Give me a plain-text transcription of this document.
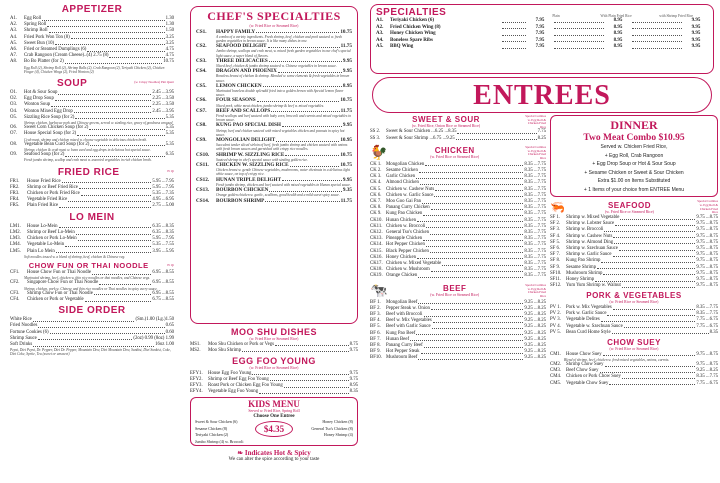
APPETIZER
A1.	Egg Roll	1.30
A2.	Spring Roll	1.30
A3.	Shrimp Roll	1.50
A4.	Fried Pork Won Ton (8)	3.25
A5.	Sweet Bun (10)	3.25
A6.	Fried or Steamed Dumplings (6)	4.75
A7.	Crab Rangoon (Cream Cheese)..(4) 2.75 (8)	4.75
A8.	Bo Bo Platter (for 2)	10.75
Egg Roll (2), Shrimp Roll (2), Shrimp Balls (2), Crab Rangoon (2), Teriyaki Chicken (2), Chicken Finger (4), Chicken Wings (2), Fried Wonton (2)
SOUP	(w. Crispy Noodles) Pint Quart
O1.	Hot & Sour Soup	2.45 ...3.95
O2.	Egg Drop Soup	2.25 ...3.50
O3.	Wonton Soup	2.25 ...3.50
O4.	Wonton Mixed Egg Drop	2.45 ...3.95
O5.	Sizzling Rice Soup (for 2)	5.35
Shrimp, chicken, barbecue pork and Chinese greens, served w. sizzling rice, gravy of goodness aroused
O6.	Sweet Corn Chicken Soup (for 2)	5.35
O7.	House Special Soup (for 2)	5.35
Crab meat, shrimp and chicken mixed w. choose vegetable in delicious chicken broth.
O8.	Vegetable Bean Curd Soup (for 2)	5.35
Shrimp, chicken & crab meat w. bean curd and egg drops in delicious hot special sauce.
O9.	Seafood Soup (for 2)	6.35
Fresh jumbo shrimp, scallop and crab meat w. assorted vegetables in rich chicken broth.
FRIED RICE	Pt Qt
FR1.	House Fried Rice	5.95 ...7.95
FR2.	Shrimp or Beef Fried Rice	5.95 ...7.95
FR3.	Chicken or Pork Fried Rice	5.35 ...7.35
FR4.	Vegetable Fried Rice	4.95 ...6.95
FR5.	Plain Fried Rice	2.75 ...5.00
LO MEIN
LM1.	House Lo-Mein	6.35 ...8.35
LM2.	Shrimp or Beef Lo-Mein	6.35 ...8.35
LM3.	Chicken or Pork Lo-Mein	5.95 ...7.95
LM4.	Vegetable Lo-Mein	5.35 ...7.55
LM5.	Plain Lo Mein	3.95 ...5.95
Soft noodles tossed w. a blend of shrimp, beef, chicken & Chinese veg.
CHOW FUN OR THAI NOODLE	Pt Qt
CF1.	House Chow Fun or Thai Noodle	6.95 ...8.55
Marinated shrimp, beef, chicken w. thin rice noodles or thai noodles, and Chinese vegs.
CF2.	Singapore Chow Fun or Thai Noodle	6.95 ...8.55
Shrimp, chicken, pork w. Chinese and thin rice noodles or Thai noodles in spicy curry sauce.
CF3.	Shrimp Chow Fun or Thai Noodle	6.95 ...8.55
CF4.	Chicken or Pork or Vegetable	6.75 ...8.55
SIDE ORDER
White Rice	(Sm.)1.00 (Lg.)1.50
Fried Noodles	0.65
Fortune Cookies (6)	0.60
Shrimp Sauce	(2oz) 0.99 (8oz) 1.99
Soft Drinks	16oz 1.00
Pepsi, Diet Pepsi, Dr. Pepper, Diet Dr. Pepper, Mountain Dew, Diet Mountain Dew, Sunkist, Diet Sunkist, Coke, Diet Coke, Sprite, Tea (sweet or unsweet)
CHEF'S SPECIALTIES
(w. Fried Rice or Steamed Rice)
CS1.	HAPPY FAMILY	10.75
A combo of a variety ingredients. Fresh shrimp, beef, chicken and pork sauteed w. fresh garden vegetables in brown sauce. It is like many dishes in one.
CS2.	SEAFOOD DELIGHT	11.75
Jumbo shrimp, scallops and crab meat, w. mixed fresh garden vegetables in our chef's special light sauce, a super blend of flavors.
CS3.	THREE DELICACIES	9.95
Sliced beef, chicken & jumbo shrimp sauteed w. Chinese vegetables in brown sauce.
CS4.	DRAGON AND PHOENIX	9.95
Boneless breast of chicken & shrimp. Blended w. some elements & fresh vegetables in brown sauce.
CS5.	LEMON CHICKEN	8.95
Marinated boneless double splendid fried into a golden brown with Special lemon flavor sauce.
CS6.	FOUR SEASONS	10.75
Sliced pork, white meat chicken, jumbo shrimp & beef w. mixed vegetables.
CS7.	BEEF AND SCALLOPS	11.75
Fresh scallops and beef sauteed with baby corn, broccoli and carrots and mixed vegetables in brown sauce.
CS8.	KUNG PAO SPECIAL DISH	9.95
Shrimp, beef and chicken sauteed with mixed vegetables chicken and peanuts in spicy hot sauce.
CS9.	MONGOLIAN DELIGHT	10.95
Succulent tender sliced sirloin of beef, fresh jumbo shrimp and chicken sauteed with onions with fresh brown sauces and garnished with crispy rice noodles.
CS10.	SHRIMP W. SIZZLING RICE	10.75
Sauteed shrimp in chef's special sauce with sizzling golden rice.
CS11.	CHICKEN W. SIZZLING RICE	10.75
Chicken breast w. gentle Chinese vegetables, mushrooms, water chestnuts in a delicious light white sauce, on top of crispy rice.
CS12.	HUNAN TRIPLE DELIGHT	9.95
Fresh jumbo shrimp, chicken and beef sauteed with mixed vegetables in Hunan special sauce.
CS13.	BOURBON CHICKEN	9.35
Orange golden chicken w. garlic, scallions, good health and a mild sweet spicy sauce.
CS14.	BOURBON SHRIMP	11.75
MOO SHU DISHES
(w. Fried Rice or Steamed Rice)
MS1.	Moo Shu Chicken or Pork or Vegs	8.75
MS2.	Moo Shu Shrimp	9.75
EGG FOO YOUNG
(w. Fried Rice or Steamed Rice)
EFY1.	House Egg Foo Young	9.75
EFY2.	Shrimp or Beef Egg Foo Young	9.75
EFY3.	Roast Pork or Chicken Egg Foo Young	8.95
EFY4.	Vegetable Egg Foo Young	8.35
KIDS MENU
Served w. Fried Rice, Spring Roll
Choose One Entree
Sweet & Sour Chicken (6)
Sesame Chicken (8)
Teriyaki Chicken (2)
$4.35
Honey Chicken (8)
General Tso's Chicken (8)
Honey Shrimp (4)
Jumbo Shrimp (4) w. Broccoli
❧ Indicates Hot & Spicy
We can alter the spice according to your taste
SPECIALTIES	Plain	With Plain Fried Rice	with Shrimp Fried Rice
A1.	Teriyaki Chicken (6)	7.95	8.95	9.95
A2.	Fried Chicken Wing (8)	7.95	8.95	9.95
A3.	Honey Chicken Wing	7.95	8.95	9.95
A4.	Boneless Spare Ribs	7.95	8.95	9.95
A5.	BBQ Wing	7.95	8.95	9.95
ENTREES
SWEET & SOUR
(w. Fried Rice, Onion Rice or Steamed Rice)
Special Combos w. Egg Roll & Chicken Fried Rice
SS 2.	Sweet & Sour Chicken ...6.25 ...8.35	7.75
SS 3.	Sweet & Sour Shrimp ...6.75 ...9.25	8.25
🐓	CHICKEN
(w. Fried Rice or Steamed Rice)
Special Combos w. Egg Roll & Chicken Fried Rice
CK 1. Mongolian Chicken	8.35 ...7.75
CK 2. Sesame Chicken	8.35 ...7.75
CK 3. Garlic Chicken	8.35 ...7.75
CK 4. Almond Chicken	8.35 ...7.75
CK 5. Chicken w. Cashew Nuts	8.35 ...7.75
CK 6. Chicken w. Garlic Sauce	8.35 ...7.75
CK 7. Moo Goo Gai Pan	8.35 ...7.75
CK 8. Panang Curry Chicken	8.35 ...7.75
CK 9. Kung Pao Chicken	8.35 ...7.75
CK10. Hunan Chicken	8.35 ...7.75
CK11. Chicken w. Broccoli	8.35 ...7.75
CK12. General Tso's Chicken	8.35 ...7.75
CK13. Pineapple Chicken	8.35 ...7.75
CK14. Hot Pepper Chicken	8.35 ...7.75
CK15. Black Pepper Chicken	8.35 ...7.75
CK16. Honey Chicken	8.35 ...7.75
CK17. Chicken w. Mixed Vegetable	8.35 ...7.75
CK18. Chicken w. Mushroom	8.35 ...7.75
CK19. Orange Chicken	8.35 ...7.75
🐄	BEEF
(w. Fried Rice or Steamed Rice)
Special Combos w. Egg Roll & Chicken Fried Rice
BF 1.	Mongolian Beef	9.25 ...8.25
BF 2.	Pepper Steak w. Onion	9.25 ...8.25
BF 3.	Beef with Broccoli	9.25 ...8.25
BF 4.	Beef w. Mix Vegetables	9.25 ...8.25
BF 5.	Beef with Garlic Sauce	9.25 ...8.25
BF 6.	Kung Pao Beef	9.25 ...8.25
BF 7.	Hunan Beef	9.25 ...8.25
BF 8.	Panang Curry Beef	9.25 ...8.25
BF 9.	Hot Pepper Steak	9.25 ...8.25
BF10. Mushroom Beef	9.25 ...8.25
DINNER
Two Meat Combo $10.95
Served w. Chicken Fried Rice,
+ Egg Roll, Crab Rangoon
+ Egg Drop Soup or Hot & Sour Soup
+ Sesame Chicken or Sweet & Sour Chicken
Extra $1.00 on Items Substituted
+ 1 Items of your choice from ENTREE Menu
🦐	SEAFOOD
(w. Fried Rice or Steamed Rice)
Special Combos w. Egg Roll & Chicken Fried Rice
SF 1.	Shrimp w. Mixed Vegetable	9.75 ...8.75
SF 2.	Shrimp w. Lobster Sauce	9.75 ...8.75
SF 3.	Shrimp w. Broccoli	9.75 ...8.75
SF 4.	Shrimp w. Cashew Nuts	9.75 ...8.75
SF 5.	Shrimp w. Almond Ding	9.75 ...8.75
SF 6.	Shrimp w. Szechuan Sauce	9.75 ...8.75
SF 7.	Shrimp w. Garlic Sauce	9.75 ...8.75
SF 8.	Kung Pao Shrimp	9.75 ...8.75
SF 9.	Sesame Shrimp	9.75 ...8.75
SF10. Mushroom Shrimp	9.75 ...8.75
SF11.	Honey Shrimp	9.75 ...8.75
SF12. Yum Yum Shrimp w. Walnut	9.75 ...8.75
PORK & VEGETABLES
(w. Fried Rice or Steamed Rice)
PV 1.	Pork w. Mix Vegetables	8.35 ...7.75
PV 2.	Pork w. Garlic Sauce	8.35 ...7.75
PV 3.	Vegetable Delites	7.75 ...6.75
PV 4.	Vegetable w. Szechuan Sauce	7.75 ...6.75
PV 5.	Bean Curd Home Style	8.35
CHOW SUEY
(w. Fried Rice or Steamed Rice)
CM1.	House Chow Suey	9.75 ...8.75
Blend of shrimp, beef, chicken w. fresh mixed vegetables, onions, carrots.
CM2.	Shrimp Chow Suey	9.75 ...8.75
CM3.	Beef Chow Suey	9.25 ...8.25
CM4.	Chicken or Pork Chow Suey	8.35 ...7.75
CM5.	Vegetable Chow Suey	7.75 ...6.75
